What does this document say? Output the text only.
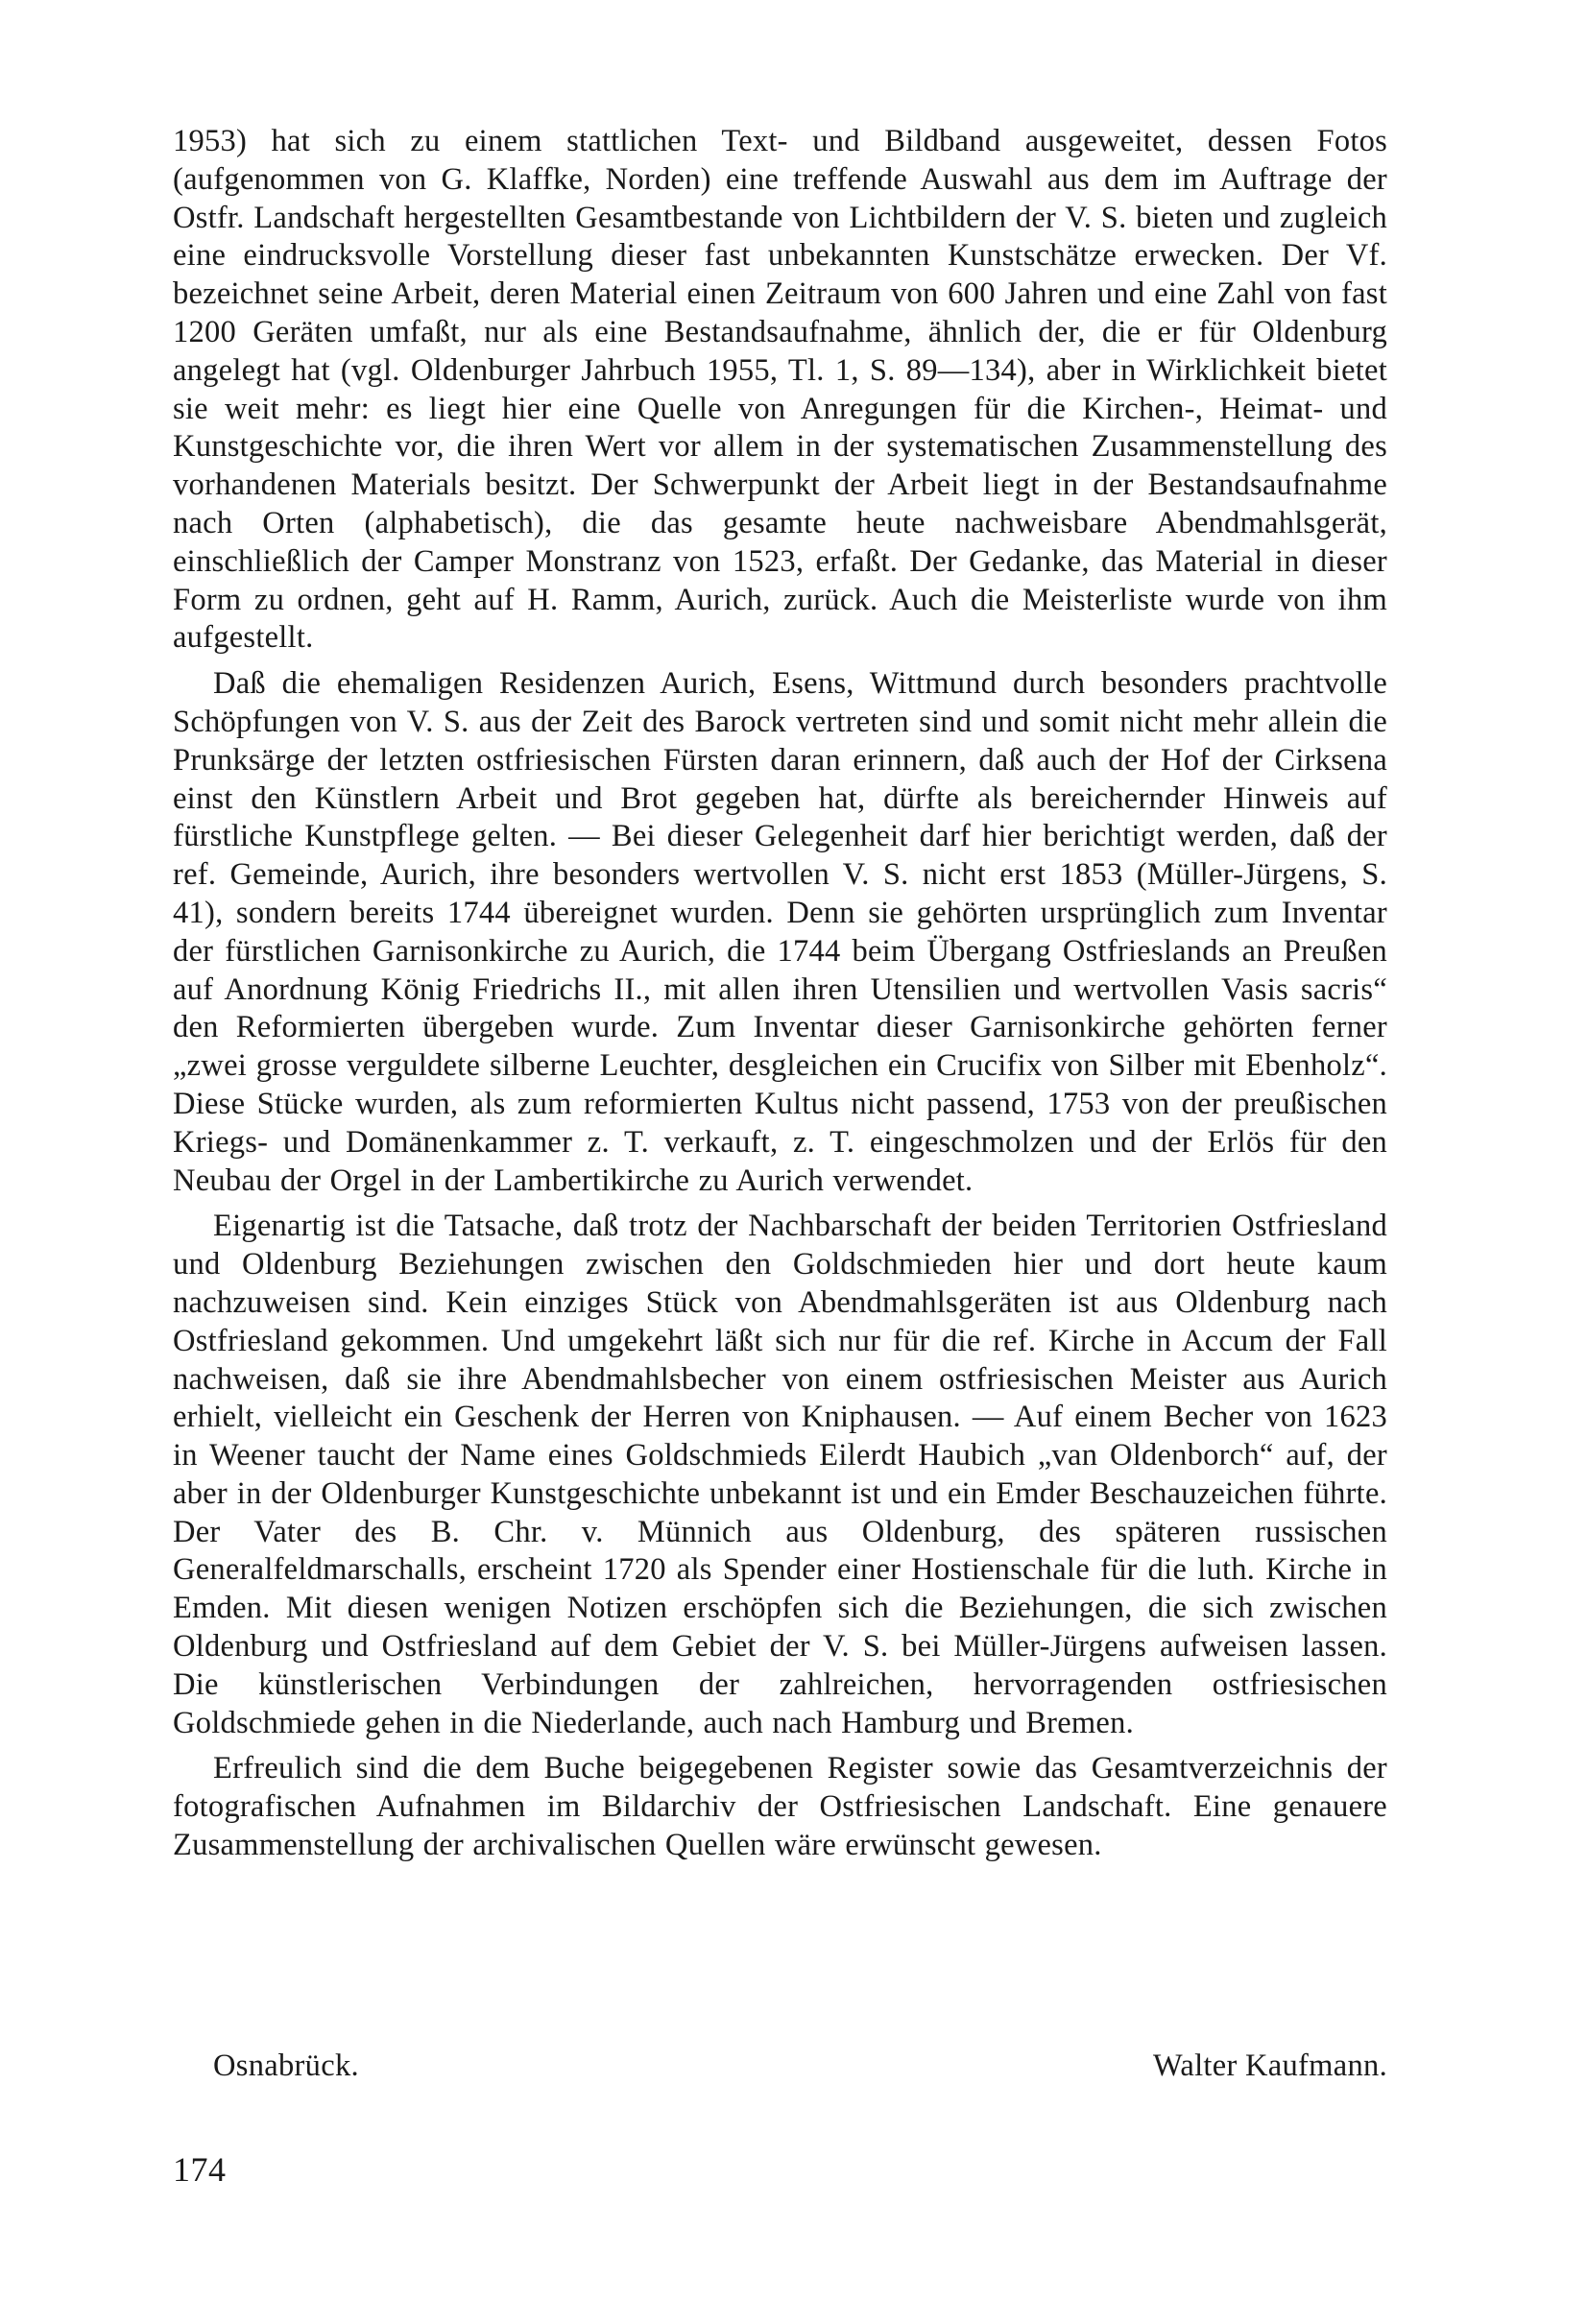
1953) hat sich zu einem stattlichen Text- und Bildband ausgeweitet, dessen Fotos (aufgenommen von G. Klaffke, Norden) eine treffende Auswahl aus dem im Auftrage der Ostfr. Landschaft hergestellten Gesamtbestande von Lichtbildern der V. S. bieten und zugleich eine eindrucksvolle Vorstellung dieser fast unbekannten Kunstschätze erwecken. Der Vf. bezeichnet seine Arbeit, deren Material einen Zeitraum von 600 Jahren und eine Zahl von fast 1200 Geräten umfaßt, nur als eine Bestandsaufnahme, ähnlich der, die er für Oldenburg angelegt hat (vgl. Oldenburger Jahrbuch 1955, Tl. 1, S. 89—134), aber in Wirklichkeit bietet sie weit mehr: es liegt hier eine Quelle von Anregungen für die Kirchen-, Heimat- und Kunstgeschichte vor, die ihren Wert vor allem in der systematischen Zusammenstellung des vorhandenen Materials besitzt. Der Schwerpunkt der Arbeit liegt in der Bestandsaufnahme nach Orten (alphabetisch), die das gesamte heute nachweisbare Abendmahlsgerät, einschließlich der Camper Monstranz von 1523, erfaßt. Der Gedanke, das Material in dieser Form zu ordnen, geht auf H. Ramm, Aurich, zurück. Auch die Meisterliste wurde von ihm aufgestellt.

Daß die ehemaligen Residenzen Aurich, Esens, Wittmund durch besonders prachtvolle Schöpfungen von V. S. aus der Zeit des Barock vertreten sind und somit nicht mehr allein die Prunksärge der letzten ostfriesischen Fürsten daran erinnern, daß auch der Hof der Cirksena einst den Künstlern Arbeit und Brot gegeben hat, dürfte als bereichernder Hinweis auf fürstliche Kunstpflege gelten. — Bei dieser Gelegenheit darf hier berichtigt werden, daß der ref. Gemeinde, Aurich, ihre besonders wertvollen V. S. nicht erst 1853 (Müller-Jürgens, S. 41), sondern bereits 1744 übereignet wurden. Denn sie gehörten ursprünglich zum Inventar der fürstlichen Garnisonkirche zu Aurich, die 1744 beim Übergang Ostfrieslands an Preußen auf Anordnung König Friedrichs II., mit allen ihren Utensilien und wertvollen Vasis sacris“ den Reformierten übergeben wurde. Zum Inventar dieser Garnisonkirche gehörten ferner „zwei grosse verguldete silberne Leuchter, desgleichen ein Crucifix von Silber mit Ebenholz“. Diese Stücke wurden, als zum reformierten Kultus nicht passend, 1753 von der preußischen Kriegs- und Domänenkammer z. T. verkauft, z. T. eingeschmolzen und der Erlös für den Neubau der Orgel in der Lambertikirche zu Aurich verwendet.

Eigenartig ist die Tatsache, daß trotz der Nachbarschaft der beiden Territorien Ostfriesland und Oldenburg Beziehungen zwischen den Goldschmieden hier und dort heute kaum nachzuweisen sind. Kein einziges Stück von Abendmahlsgeräten ist aus Oldenburg nach Ostfriesland gekommen. Und umgekehrt läßt sich nur für die ref. Kirche in Accum der Fall nachweisen, daß sie ihre Abendmahlsbecher von einem ostfriesischen Meister aus Aurich erhielt, vielleicht ein Geschenk der Herren von Kniphausen. — Auf einem Becher von 1623 in Weener taucht der Name eines Goldschmieds Eilerdt Haubich „van Oldenborch“ auf, der aber in der Oldenburger Kunstgeschichte unbekannt ist und ein Emder Beschauzeichen führte. Der Vater des B. Chr. v. Münnich aus Oldenburg, des späteren russischen Generalfeldmarschalls, erscheint 1720 als Spender einer Hostienschale für die luth. Kirche in Emden. Mit diesen wenigen Notizen erschöpfen sich die Beziehungen, die sich zwischen Oldenburg und Ostfriesland auf dem Gebiet der V. S. bei Müller-Jürgens aufweisen lassen. Die künstlerischen Verbindungen der zahlreichen, hervorragenden ostfriesischen Goldschmiede gehen in die Niederlande, auch nach Hamburg und Bremen.

Erfreulich sind die dem Buche beigegebenen Register sowie das Gesamtverzeichnis der fotografischen Aufnahmen im Bildarchiv der Ostfriesischen Landschaft. Eine genauere Zusammenstellung der archivalischen Quellen wäre erwünscht gewesen.

Osnabrück.	Walter Kaufmann.
174
